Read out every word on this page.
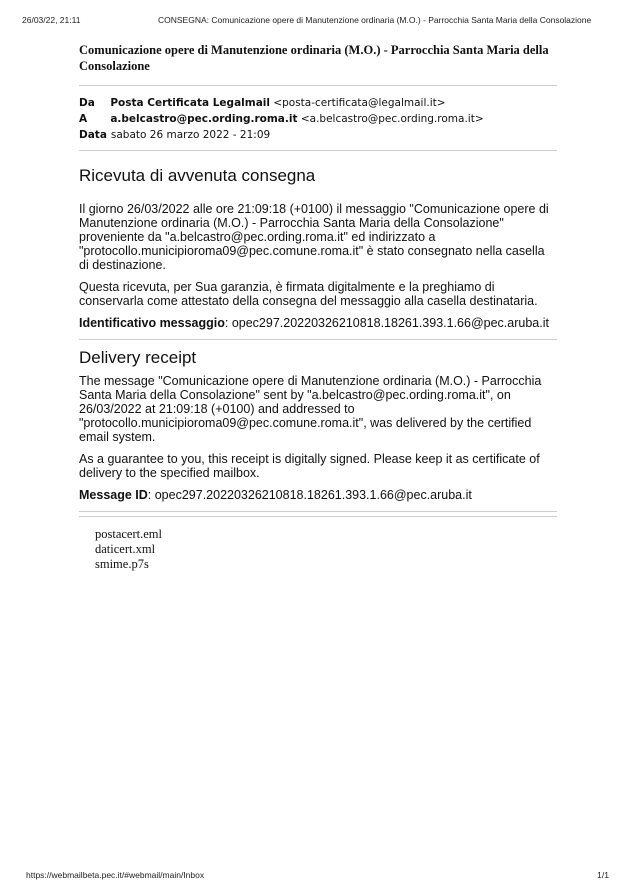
26/03/22, 21:11	CONSEGNA: Comunicazione opere di Manutenzione ordinaria (M.O.) - Parrocchia Santa Maria della Consolazione
Comunicazione opere di Manutenzione ordinaria (M.O.) - Parrocchia Santa Maria della Consolazione
Da Posta Certificata Legalmail <posta-certificata@legalmail.it>
A a.belcastro@pec.ording.roma.it <a.belcastro@pec.ording.roma.it>
Data sabato 26 marzo 2022 - 21:09
Ricevuta di avvenuta consegna

Il giorno 26/03/2022 alle ore 21:09:18 (+0100) il messaggio "Comunicazione opere di Manutenzione ordinaria (M.O.) - Parrocchia Santa Maria della Consolazione" proveniente da "a.belcastro@pec.ording.roma.it" ed indirizzato a "protocollo.municipioroma09@pec.comune.roma.it" è stato consegnato nella casella di destinazione.

Questa ricevuta, per Sua garanzia, è firmata digitalmente e la preghiamo di conservarla come attestato della consegna del messaggio alla casella destinataria.

Identificativo messaggio: opec297.20220326210818.18261.393.1.66@pec.aruba.it

Delivery receipt

The message "Comunicazione opere di Manutenzione ordinaria (M.O.) - Parrocchia Santa Maria della Consolazione" sent by "a.belcastro@pec.ording.roma.it", on 26/03/2022 at 21:09:18 (+0100) and addressed to "protocollo.municipioroma09@pec.comune.roma.it", was delivered by the certified email system.

As a guarantee to you, this receipt is digitally signed. Please keep it as certificate of delivery to the specified mailbox.

Message ID: opec297.20220326210818.18261.393.1.66@pec.aruba.it

postacert.eml
daticert.xml
smime.p7s
https://webmailbeta.pec.it/#webmail/main/Inbox	1/1
